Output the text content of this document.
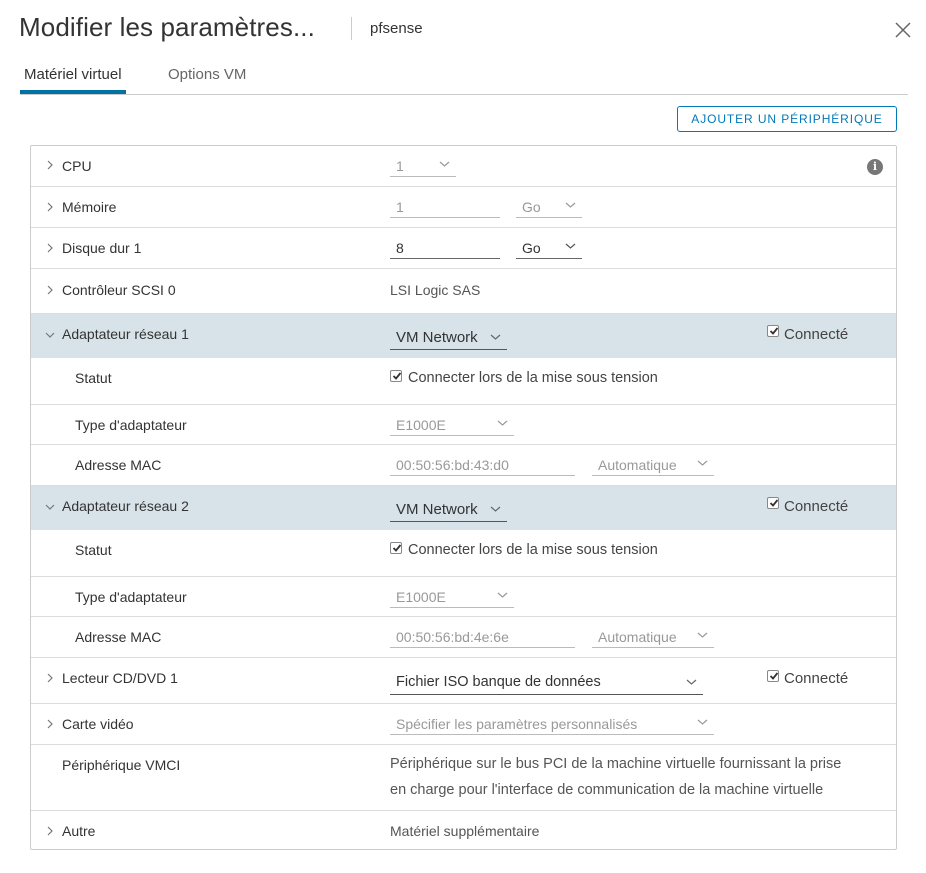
Modifier les paramètres...	pfsense
Matériel virtuel	Options VM
AJOUTER UN PÉRIPHÉRIQUE
CPU	1	i
Mémoire	1	Go
Disque dur 1	8	Go
Contrôleur SCSI 0	LSI Logic SAS
Adaptateur réseau 1	VM Network	Connecté
Statut	Connecter lors de la mise sous tension
Type d'adaptateur	E1000E
Adresse MAC	00:50:56:bd:43:d0	Automatique
Adaptateur réseau 2	VM Network	Connecté
Statut	Connecter lors de la mise sous tension
Type d'adaptateur	E1000E
Adresse MAC	00:50:56:bd:4e:6e	Automatique
Lecteur CD/DVD 1	Fichier ISO banque de données	Connecté
Carte vidéo	Spécifier les paramètres personnalisés
Périphérique VMCI	Périphérique sur le bus PCI de la machine virtuelle fournissant la prise
en charge pour l'interface de communication de la machine virtuelle
Autre	Matériel supplémentaire
